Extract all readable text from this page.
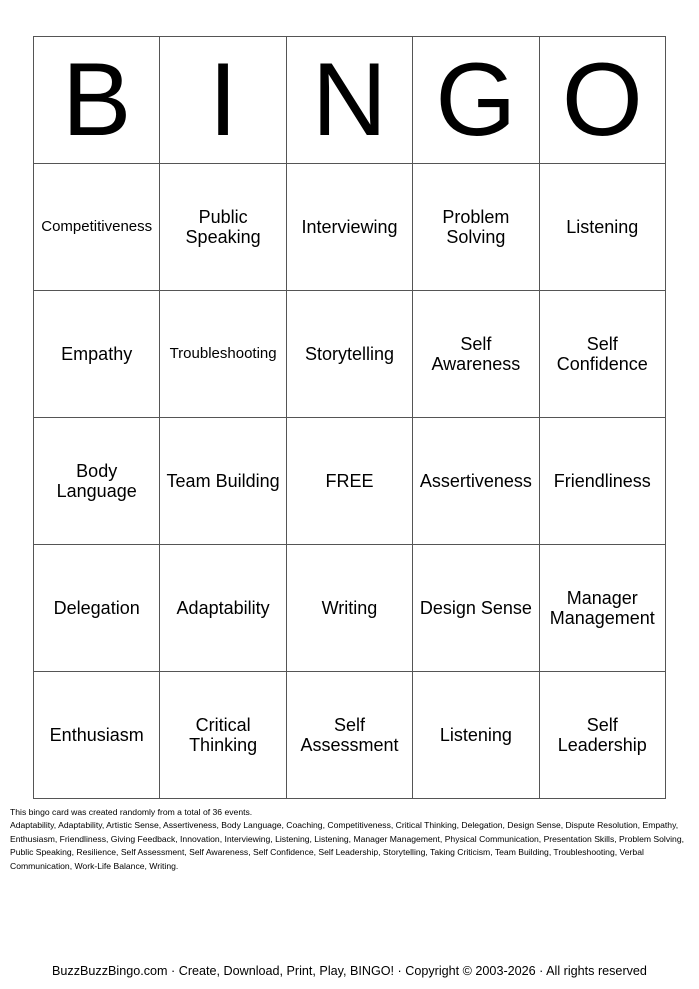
B	I	N	G	O
Competitiveness	Public Speaking	Interviewing	Problem Solving	Listening
Empathy	Troubleshooting	Storytelling	Self Awareness	Self Confidence
Body Language	Team Building	FREE	Assertiveness	Friendliness
Delegation	Adaptability	Writing	Design Sense	Manager Management
Enthusiasm	Critical Thinking	Self Assessment	Listening	Self Leadership
This bingo card was created randomly from a total of 36 events.
Adaptability, Adaptability, Artistic Sense, Assertiveness, Body Language, Coaching, Competitiveness, Critical Thinking, Delegation, Design Sense, Dispute Resolution, Empathy, Enthusiasm, Friendliness, Giving Feedback, Innovation, Interviewing, Listening, Listening, Manager Management, Physical Communication, Presentation Skills, Problem Solving, Public Speaking, Resilience, Self Assessment, Self Awareness, Self Confidence, Self Leadership, Storytelling, Taking Criticism, Team Building, Troubleshooting, Verbal Communication, Work-Life Balance, Writing.
BuzzBuzzBingo.com · Create, Download, Print, Play, BINGO! · Copyright © 2003-2026 · All rights reserved
